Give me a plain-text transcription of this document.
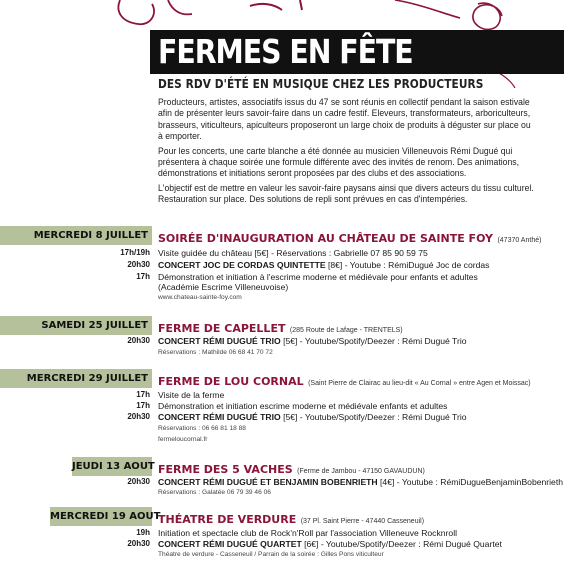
FERMES EN FÊTE
DES RDV D'ÉTÉ EN MUSIQUE CHEZ LES PRODUCTEURS

Producteurs, artistes, associatifs issus du 47 se sont réunis en collectif pendant la saison estivale afin de présenter leurs savoir-faire dans un cadre festif. Eleveurs, transformateurs, arboriculteurs, brasseurs, viticulteurs, apiculteurs proposeront un large choix de produits à déguster sur place ou à emporter.

Pour les concerts, une carte blanche a été donnée au musicien Villeneuvois Rémi Dugué qui présentera à chaque soirée une formule différente avec des invités de renom. Des animations, démonstrations et initiations seront proposées par des clubs et des associations.

L'objectif est de mettre en valeur les savoir-faire paysans ainsi que divers acteurs du tissu culturel. Restauration sur place. Des solutions de repli sont prévues en cas d'intempéries.

MERCREDI 8 JUILLET SOIRÉE D'INAUGURATION AU CHÂTEAU DE SAINTE FOY (47370 Anthé)
17h/19h Visite guidée du château [5€] - Réservations : Gabrielle 07 85 90 59 75
20h30 CONCERT JOC DE CORDAS QUINTETTE [8€] - Youtube : RémiDugué Joc de cordas
17h Démonstration et initiation à l'escrime moderne et médiévale pour enfants et adultes
(Académie Escrime Villeneuvoise)
www.chateau-sainte-foy.com
SAMEDI 25 JUILLET FERME DE CAPELLET (285 Route de Lafage - TRENTELS)
20h30 CONCERT RÉMI DUGUÉ TRIO [5€] - Youtube/Spotify/Deezer : Rémi Dugué Trio
Réservations : Mathilde 06 68 41 70 72
MERCREDI 29 JUILLET FERME DE LOU CORNAL (Saint Pierre de Clairac au lieu-dit « Au Cornal » entre Agen et Moissac)
17h Visite de la ferme
17h Démonstration et initiation escrime moderne et médiévale enfants et adultes
20h30 CONCERT RÉMI DUGUÉ TRIO [5€] - Youtube/Spotify/Deezer : Rémi Dugué Trio
Réservations : 06 66 81 18 88
fermeloucornal.fr
JEUDI 13 AOUT FERME DES 5 VACHES (Ferme de Jambou - 47150 GAVAUDUN)
20h30 CONCERT RÉMI DUGUÉ ET BENJAMIN BOBENRIETH [4€] - Youtube : RémiDugueBenjaminBobenrieth
Réservations : Galatée 06 79 39 46 06
MERCREDI 19 AOUT
THÉATRE DE VERDURE (37 Pl. Saint Pierre - 47440 Casseneuil)
19h Initiation et spectacle club de Rock'n'Roll par l'association Villeneuve Rocknroll
20h30 CONCERT RÉMI DUGUÉ QUARTET [6€] - Youtube/Spotify/Deezer : Rémi Dugué Quartet
Théatre de verdure - Casseneuil / Parrain de la soirée : Gilles Pons viticulteur
